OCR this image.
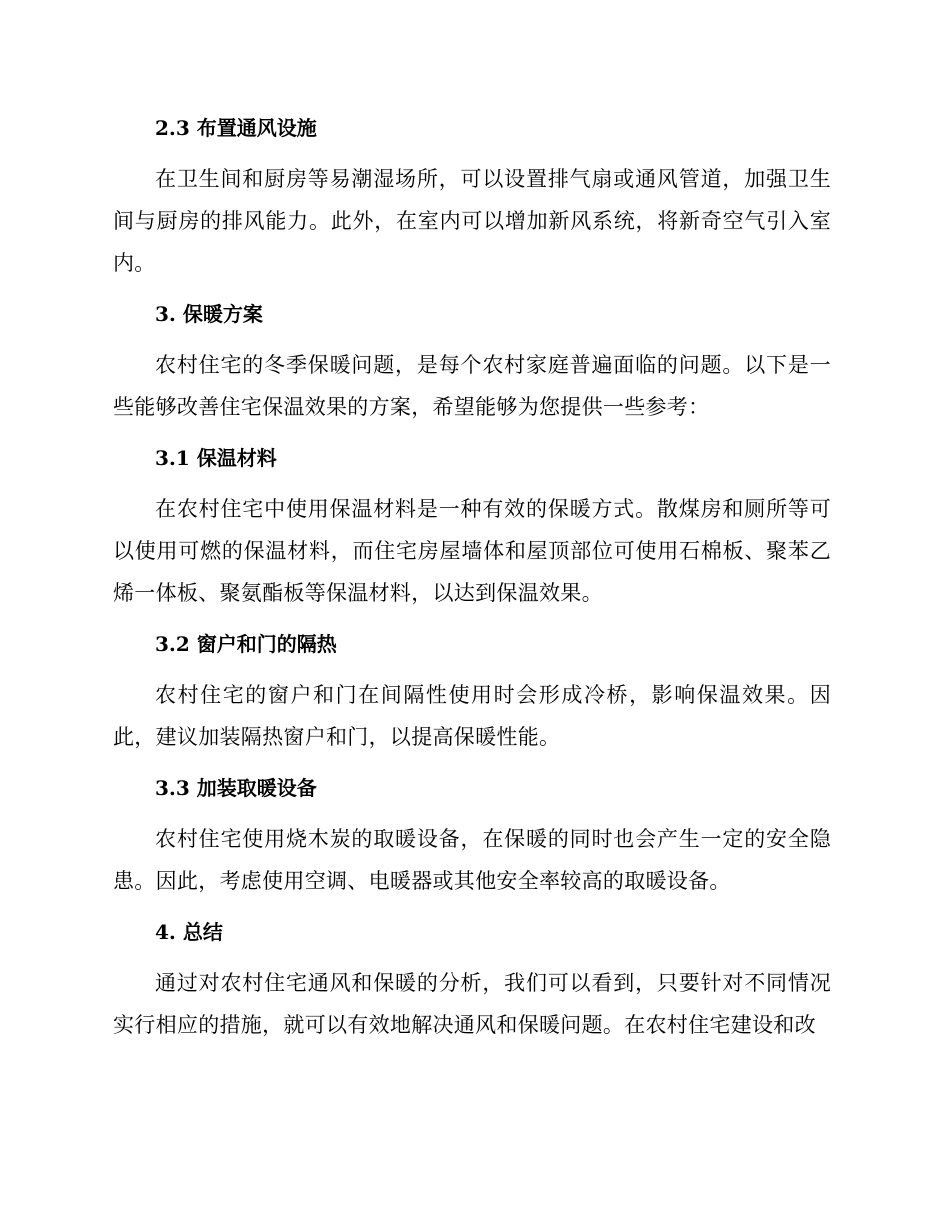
2.3 布置通风设施

在卫生间和厨房等易潮湿场所，可以设置排气扇或通风管道，加强卫生间与厨房的排风能力。此外，在室内可以增加新风系统，将新奇空气引入室内。

3. 保暖方案

农村住宅的冬季保暖问题，是每个农村家庭普遍面临的问题。以下是一些能够改善住宅保温效果的方案，希望能够为您提供一些参考：

3.1 保温材料

在农村住宅中使用保温材料是一种有效的保暖方式。散煤房和厕所等可以使用可燃的保温材料，而住宅房屋墙体和屋顶部位可使用石棉板、聚苯乙烯一体板、聚氨酯板等保温材料，以达到保温效果。

3.2 窗户和门的隔热

农村住宅的窗户和门在间隔性使用时会形成冷桥，影响保温效果。因此，建议加装隔热窗户和门，以提高保暖性能。

3.3 加装取暖设备

农村住宅使用烧木炭的取暖设备，在保暖的同时也会产生一定的安全隐患。因此，考虑使用空调、电暖器或其他安全率较高的取暖设备。

4. 总结

通过对农村住宅通风和保暖的分析，我们可以看到，只要针对不同情况实行相应的措施，就可以有效地解决通风和保暖问题。在农村住宅建设和改
